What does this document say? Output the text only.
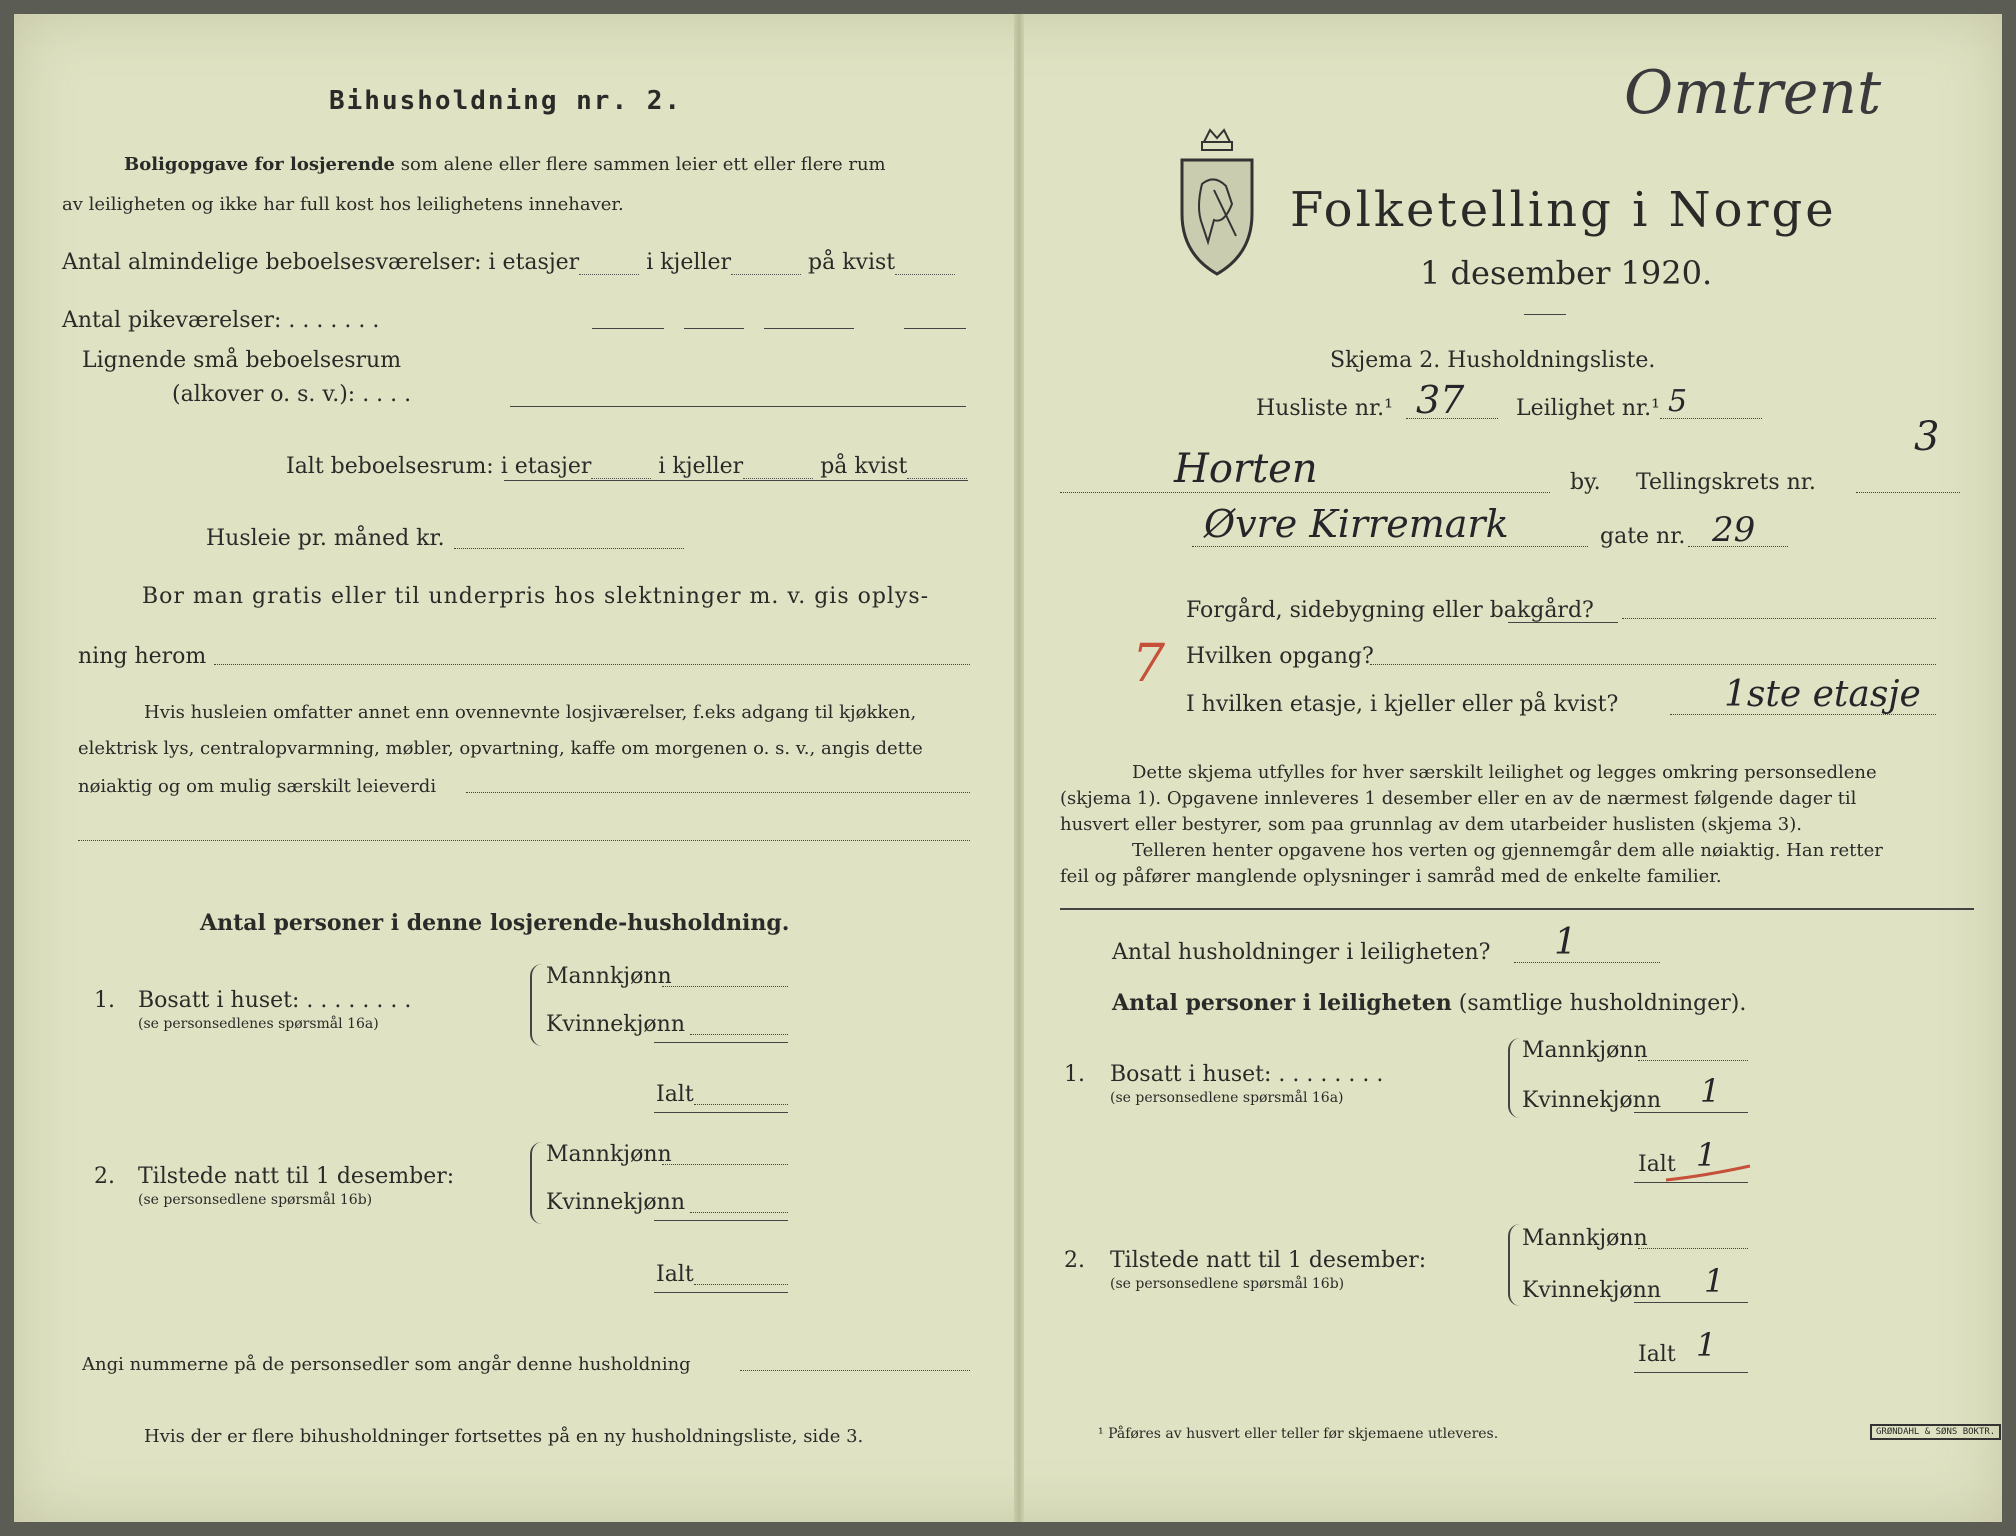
Bihusholdning nr. 2.
Boligopgave for losjerende som alene eller flere sammen leier ett eller flere rum
av leiligheten og ikke har full kost hos leilighetens innehaver.
Antal almindelige beboelsesværelser: i etasjer	i kjeller	på kvist
Antal pikeværelser: . . . . . . .
Lignende små beboelsesrum
(alkover o. s. v.): . . . .
Ialt beboelsesrum: i etasjer	i kjeller	på kvist
Husleie pr. måned kr.
Bor man gratis eller til underpris hos slektninger m. v. gis oplys-
ning herom
Hvis husleien omfatter annet enn ovennevnte losjiværelser, f.eks adgang til kjøkken,
elektrisk lys, centralopvarmning, møbler, opvartning, kaffe om morgenen o. s. v., angis dette
nøiaktig og om mulig særskilt leieverdi
Antal personer i denne losjerende-husholdning.
1. Bosatt i huset: . . . . . . . .
(se personsedlenes spørsmål 16a)
Mannkjønn
Kvinnekjønn
Ialt
2. Tilstede natt til 1 desember:
(se personsedlene spørsmål 16b)
Mannkjønn
Kvinnekjønn
Ialt
Angi nummerne på de personsedler som angår denne husholdning
Hvis der er flere bihusholdninger fortsettes på en ny husholdningsliste, side 3.
Folketelling i Norge
1 desember 1920.
Skjema 2. Husholdningsliste.
Husliste nr.¹ 37 Leilighet nr.¹ 5
Horten	by. Tellingskrets nr.
3
Øvre Kirremark	gate nr. 29
Forgård, sidebygning eller bakgård?
7 Hvilken opgang?
I hvilken etasje, i kjeller eller på kvist?	1ste etasje
Omtrent
Dette skjema utfylles for hver særskilt leilighet og legges omkring personsedlene
(skjema 1). Opgavene innleveres 1 desember eller en av de nærmest følgende dager til
husvert eller bestyrer, som paa grunnlag av dem utarbeider huslisten (skjema 3).
Telleren henter opgavene hos verten og gjennemgår dem alle nøiaktig. Han retter
feil og påfører manglende oplysninger i samråd med de enkelte familier.
Antal husholdninger i leiligheten? 1
Antal personer i leiligheten (samtlige husholdninger).
1. Bosatt i huset: . . . . . . . .
(se personsedlene spørsmål 16a)
Mannkjønn
Kvinnekjønn 1
Ialt 1
2. Tilstede natt til 1 desember:
(se personsedlene spørsmål 16b)
Mannkjønn
Kvinnekjønn 1
Ialt 1
¹ Påføres av husvert eller teller før skjemaene utleveres.	GRØNDAHL & SØNS BOKTR.
